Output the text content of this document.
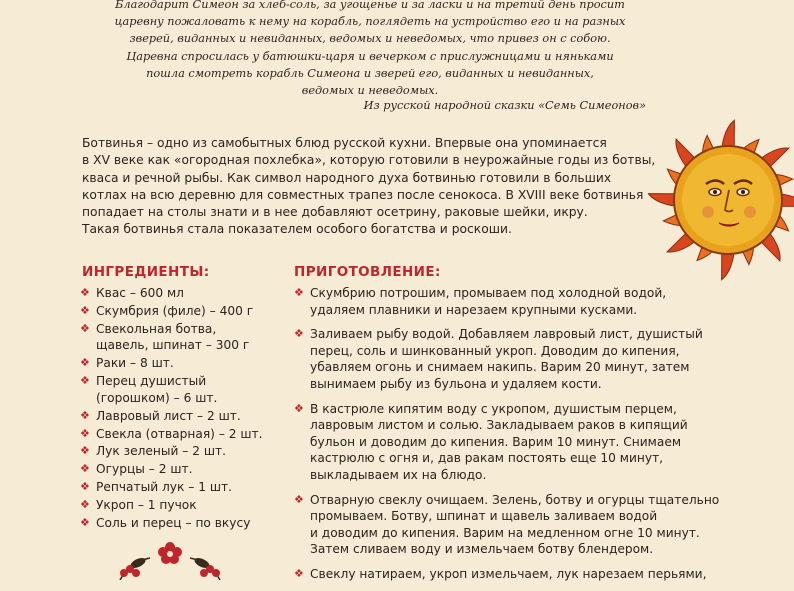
Благодарит Симеон за хлеб-соль, за угощенье и за ласки и на третий день просит
царевну пожаловать к нему на корабль, поглядеть на устройство его и на разных
зверей, виданных и невиданных, ведомых и неведомых, что привез он с собою.
Царевна спросилась у батюшки-царя и вечерком с прислужницами и няньками
пошла смотреть корабль Симеона и зверей его, виданных и невиданных,
ведомых и неведомых.
Из русской народной сказки «Семь Симеонов»
Ботвинья – одно из самобытных блюд русской кухни. Впервые она упоминается
в XV веке как «огородная похлебка», которую готовили в неурожайные годы из ботвы,
кваса и речной рыбы. Как символ народного духа ботвинью готовили в больших
котлах на всю деревню для совместных трапез после сенокоса. В XVIII веке ботвинья
попадает на столы знати и в нее добавляют осетрину, раковые шейки, икру.
Такая ботвинья стала показателем особого богатства и роскоши.
ИНГРЕДИЕНТЫ:
❖ Квас – 600 мл
❖ Скумбрия (филе) – 400 г
❖ Свекольная ботва,
щавель, шпинат – 300 г
❖ Раки – 8 шт.
❖ Перец душистый
(горошком) – 6 шт.
❖ Лавровый лист – 2 шт.
❖ Свекла (отварная) – 2 шт.
❖ Лук зеленый – 2 шт.
❖ Огурцы – 2 шт.
❖ Репчатый лук – 1 шт.
❖ Укроп – 1 пучок
❖ Соль и перец – по вкусу
ПРИГОТОВЛЕНИЕ:
❖ Скумбрию потрошим, промываем под холодной водой,
удаляем плавники и нарезаем крупными кусками.
❖ Заливаем рыбу водой. Добавляем лавровый лист, душистый
перец, соль и шинкованный укроп. Доводим до кипения,
убавляем огонь и снимаем накипь. Варим 20 минут, затем
вынимаем рыбу из бульона и удаляем кости.
❖ В кастрюле кипятим воду с укропом, душистым перцем,
лавровым листом и солью. Закладываем раков в кипящий
бульон и доводим до кипения. Варим 10 минут. Снимаем
кастрюлю с огня и, дав ракам постоять еще 10 минут,
выкладываем их на блюдо.
❖ Отварную свеклу очищаем. Зелень, ботву и огурцы тщательно
промываем. Ботву, шпинат и щавель заливаем водой
и доводим до кипения. Варим на медленном огне 10 минут.
Затем сливаем воду и измельчаем ботву блендером.
❖ Свеклу натираем, укроп измельчаем, лук нарезаем перьями,
